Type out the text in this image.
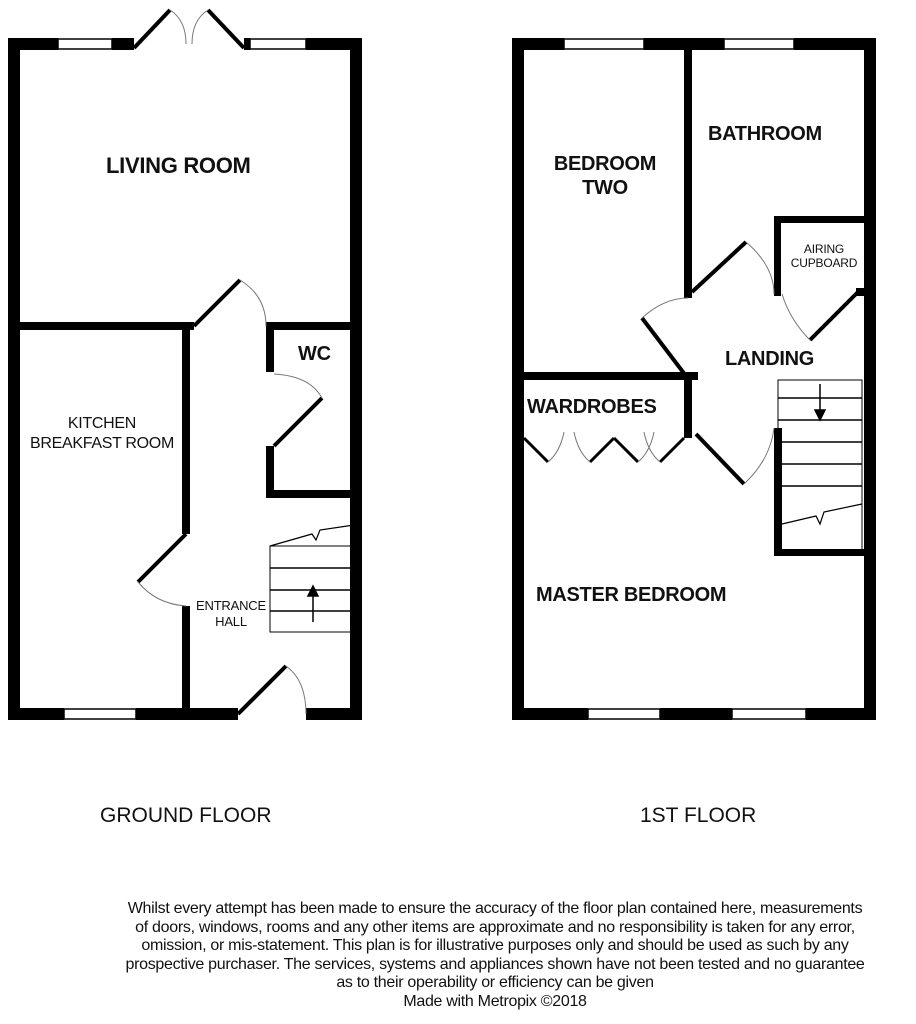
LIVING ROOM
WC
KITCHEN
BREAKFAST ROOM
ENTRANCE
HALL
BEDROOM
TWO
BATHROOM
AIRING
CUPBOARD
LANDING
WARDROBES
MASTER BEDROOM
GROUND FLOOR	1ST FLOOR
Whilst every attempt has been made to ensure the accuracy of the floor plan contained here, measurements
of doors, windows, rooms and any other items are approximate and no responsibility is taken for any error,
omission, or mis-statement. This plan is for illustrative purposes only and should be used as such by any
prospective purchaser. The services, systems and appliances shown have not been tested and no guarantee
as to their operability or efficiency can be given
Made with Metropix ©2018
